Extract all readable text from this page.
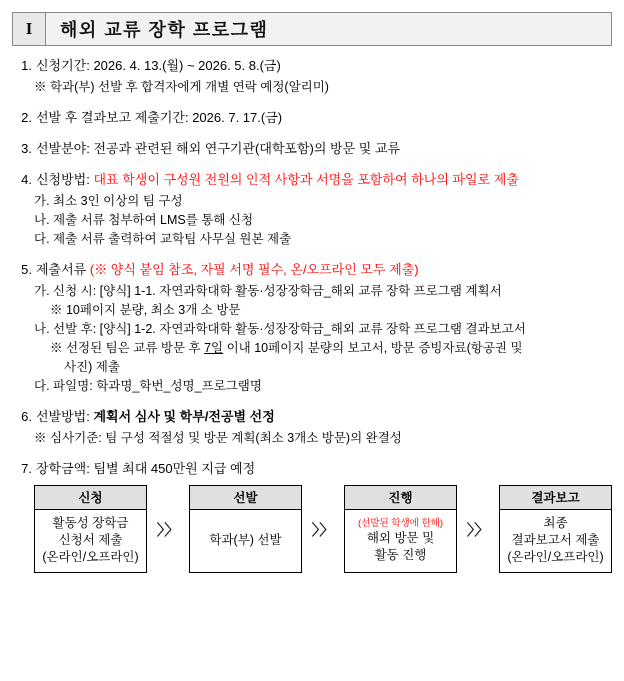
I	해외 교류 장학 프로그램
1. 신청기간: 2026. 4. 13.(월) ~ 2026. 5. 8.(금)
※ 학과(부) 선발 후 합격자에게 개별 연락 예정(알리미)
2. 선발 후 결과보고 제출기간: 2026. 7. 17.(금)
3. 선발분야: 전공과 관련된 해외 연구기관(대학포함)의 방문 및 교류
4. 신청방법: 대표 학생이 구성원 전원의 인적 사항과 서명을 포함하여 하나의 파일로 제출
가. 최소 3인 이상의 팀 구성
나. 제출 서류 첨부하여 LMS를 통해 신청
다. 제출 서류 출력하여 교학팀 사무실 원본 제출
5. 제출서류 (※ 양식 붙임 참조, 자필 서명 필수, 온/오프라인 모두 제출)
가. 신청 시: [양식] 1-1. 자연과학대학 활동·성장장학금_해외 교류 장학 프로그램 계획서
※ 10페이지 분량, 최소 3개 소 방문
나. 선발 후: [양식] 1-2. 자연과학대학 활동·성장장학금_해외 교류 장학 프로그램 결과보고서
※ 선정된 팀은 교류 방문 후 7일 이내 10페이지 분량의 보고서, 방문 증빙자료(항공권 및
사진) 제출
다. 파일명: 학과명_학번_성명_프로그램명
6. 선발방법: 계획서 심사 및 학부/전공별 선정
※ 심사기준: 팀 구성 적절성 및 방문 계획(최소 3개소 방문)의 완결성
7. 장학금액: 팀별 최대 450만원 지급 예정
신청
활동성 장학금
신청서 제출
(온라인/오프라인)
〉〉
선발
학과(부) 선발
〉〉
진행
(선발된 학생에 한해)
해외 방문 및
활동 진행
〉〉
결과보고
최종
결과보고서 제출
(온라인/오프라인)
